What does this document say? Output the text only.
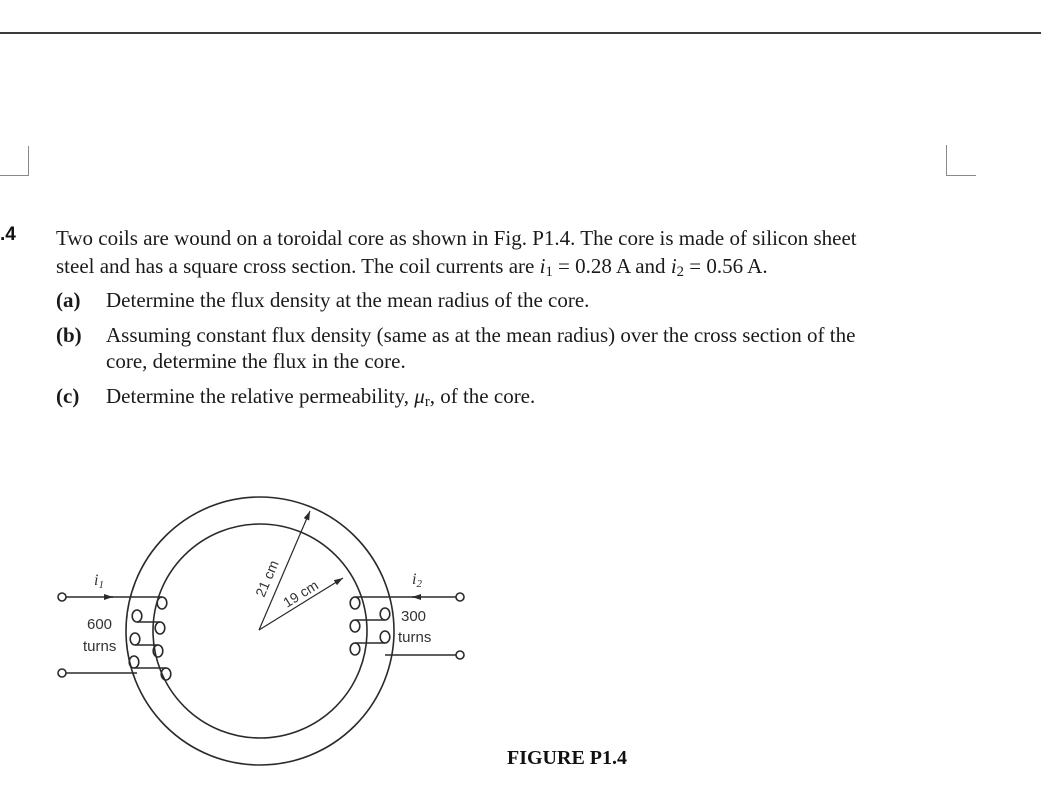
.4 Two coils are wound on a toroidal core as shown in Fig. P1.4. The core is made of silicon sheet
steel and has a square cross section. The coil currents are $i_1 = 0.28$ A and $i_2 = 0.56$ A.
(a) Determine the flux density at the mean radius of the core.
(b) Assuming constant flux density (same as at the mean radius) over the cross section of the
core, determine the flux in the core.
(c) Determine the relative permeability, $\mu_r$, of the core.
i1
600
turns
i2
300
turns
21 cm
19 cm
FIGURE P1.4
